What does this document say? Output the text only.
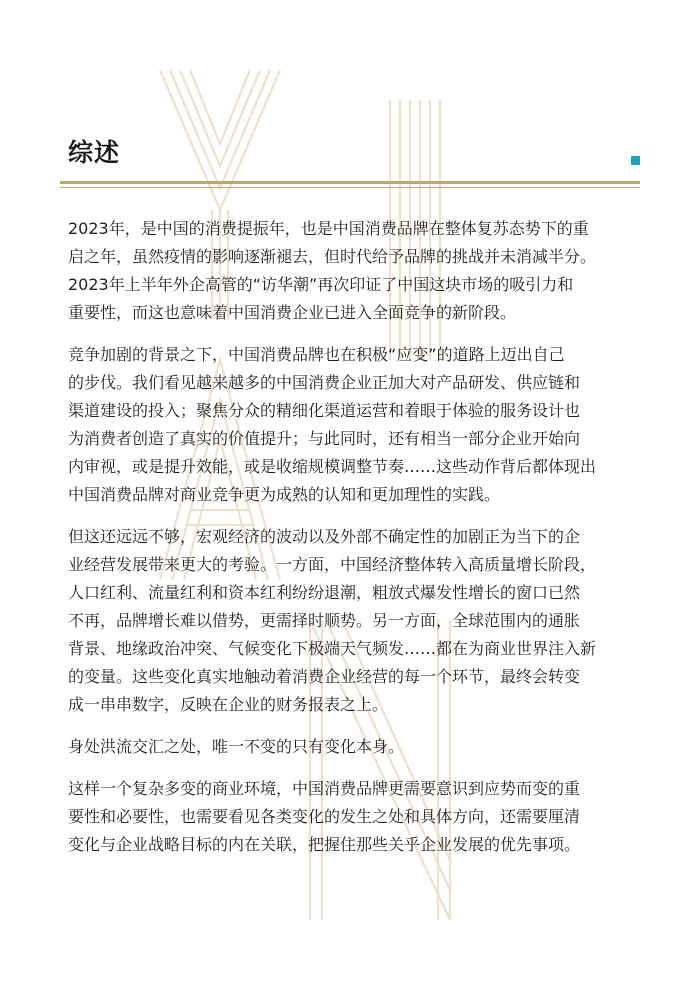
综述

2023年，是中国的消费提振年，也是中国消费品牌在整体复苏态势下的重
启之年，虽然疫情的影响逐渐褪去，但时代给予品牌的挑战并未消减半分。
2023年上半年外企高管的“访华潮”再次印证了中国这块市场的吸引力和
重要性，而这也意味着中国消费企业已进入全面竞争的新阶段。

竞争加剧的背景之下，中国消费品牌也在积极“应变”的道路上迈出自己
的步伐。我们看见越来越多的中国消费企业正加大对产品研发、供应链和
渠道建设的投入；聚焦分众的精细化渠道运营和着眼于体验的服务设计也
为消费者创造了真实的价值提升；与此同时，还有相当一部分企业开始向
内审视，或是提升效能，或是收缩规模调整节奏……这些动作背后都体现出
中国消费品牌对商业竞争更为成熟的认知和更加理性的实践。

但这还远远不够，宏观经济的波动以及外部不确定性的加剧正为当下的企
业经营发展带来更大的考验。一方面，中国经济整体转入高质量增长阶段，
人口红利、流量红利和资本红利纷纷退潮，粗放式爆发性增长的窗口已然
不再，品牌增长难以借势，更需择时顺势。另一方面，全球范围内的通胀
背景、地缘政治冲突、气候变化下极端天气频发……都在为商业世界注入新
的变量。这些变化真实地触动着消费企业经营的每一个环节，最终会转变
成一串串数字，反映在企业的财务报表之上。

身处洪流交汇之处，唯一不变的只有变化本身。

这样一个复杂多变的商业环境，中国消费品牌更需要意识到应势而变的重
要性和必要性，也需要看见各类变化的发生之处和具体方向，还需要厘清
变化与企业战略目标的内在关联，把握住那些关乎企业发展的优先事项。
